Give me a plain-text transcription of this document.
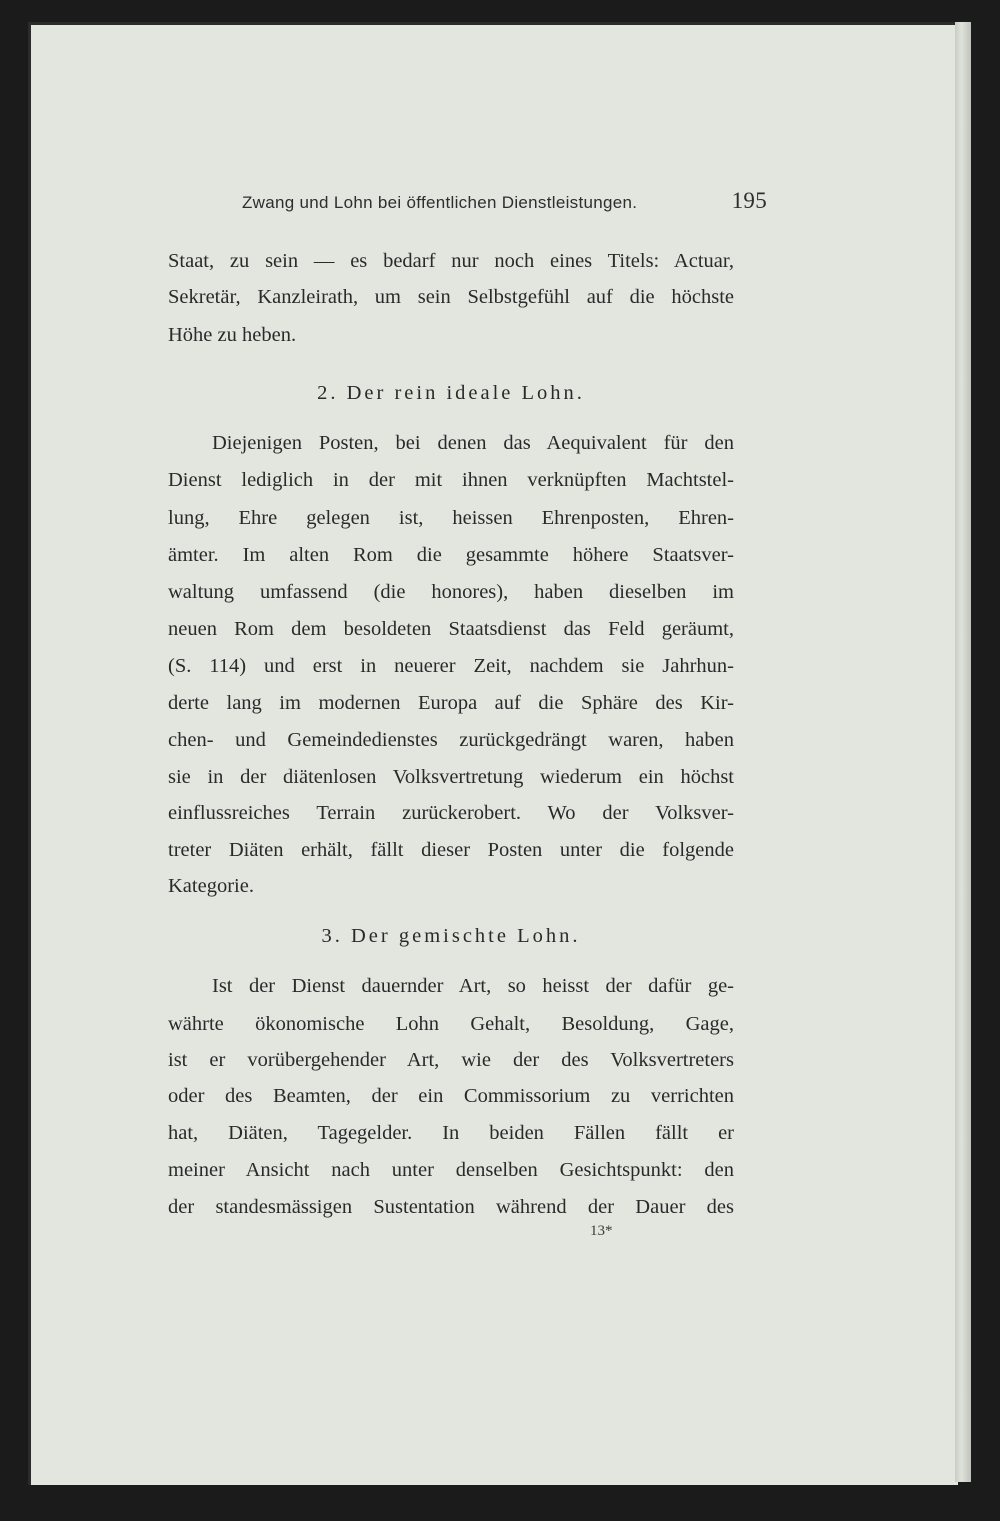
Zwang und Lohn bei öffentlichen Dienstleistungen.	195
Staat, zu sein — es bedarf nur noch eines Titels: Actuar,
Sekretär, Kanzleirath, um sein Selbstgefühl auf die höchste
Höhe zu heben.
2. Der rein ideale Lohn.
Diejenigen Posten, bei denen das Aequivalent für den
Dienst lediglich in der mit ihnen verknüpften Machtstel-
lung, Ehre gelegen ist, heissen Ehrenposten, Ehren-
ämter. Im alten Rom die gesammte höhere Staatsver-
waltung umfassend (die honores), haben dieselben im
neuen Rom dem besoldeten Staatsdienst das Feld geräumt,
(S. 114) und erst in neuerer Zeit, nachdem sie Jahrhun-
derte lang im modernen Europa auf die Sphäre des Kir-
chen- und Gemeindedienstes zurückgedrängt waren, haben
sie in der diätenlosen Volksvertretung wiederum ein höchst
einflussreiches Terrain zurückerobert. Wo der Volksver-
treter Diäten erhält, fällt dieser Posten unter die folgende
Kategorie.
3. Der gemischte Lohn.
Ist der Dienst dauernder Art, so heisst der dafür ge-
währte ökonomische Lohn Gehalt, Besoldung, Gage,
ist er vorübergehender Art, wie der des Volksvertreters
oder des Beamten, der ein Commissorium zu verrichten
hat, Diäten, Tagegelder. In beiden Fällen fällt er
meiner Ansicht nach unter denselben Gesichtspunkt: den
der standesmässigen Sustentation während der Dauer des
13*
